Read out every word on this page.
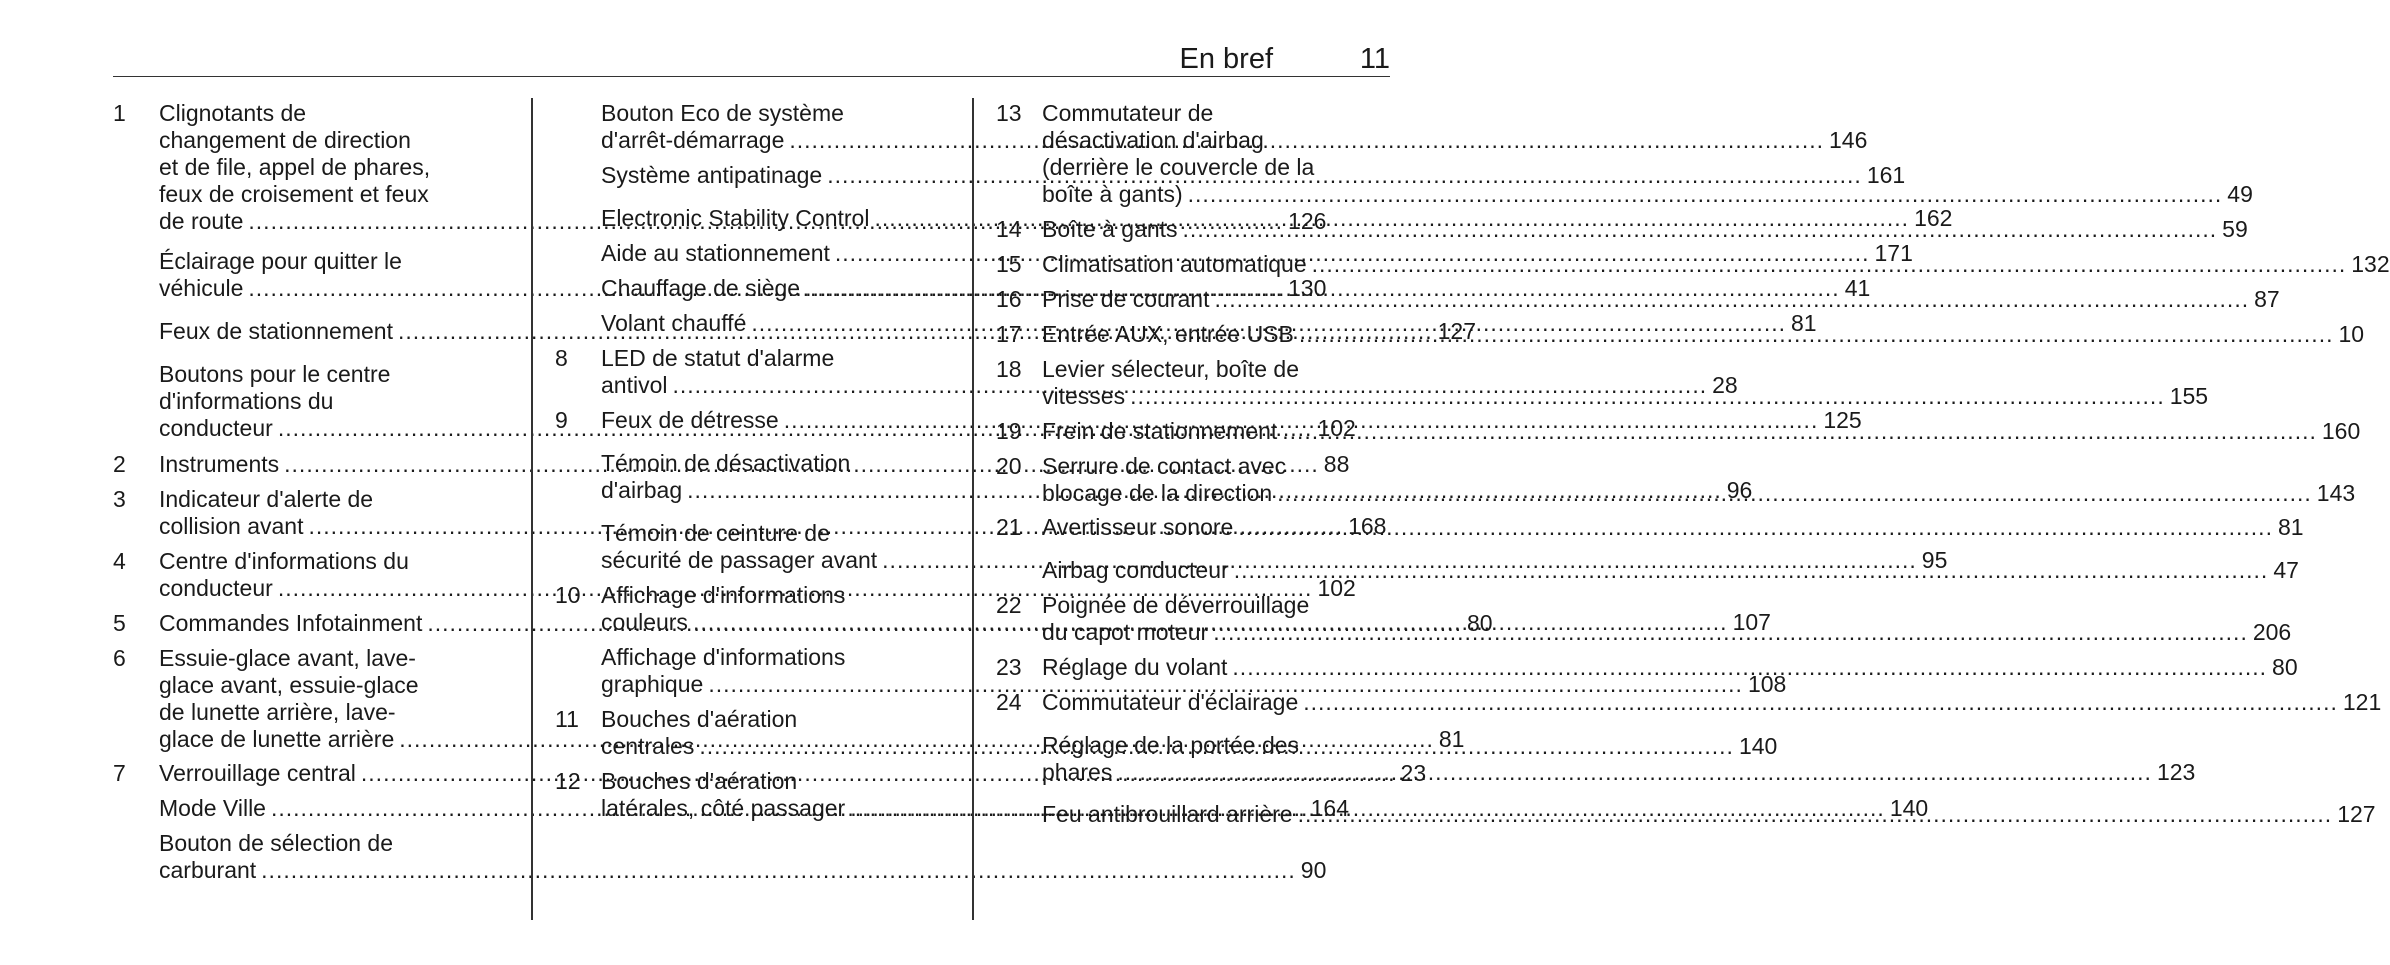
En bref	11
1 Clignotants de
changement de direction
et de file, appel de phares,
feux de croisement et feux
de route .....	126
Éclairage pour quitter le
véhicule .....	130
Feux de stationnement .....	127
Boutons pour le centre
d'informations du
conducteur .....	102
2 Instruments .....	88
3 Indicateur d'alerte de
collision avant .....	168
4 Centre d'informations du
conducteur .....	102
5 Commandes Infotainment .....	80
6 Essuie-glace avant, lave-
glace avant, essuie-glace
de lunette arrière, lave-
glace de lunette arrière .....	81
7 Verrouillage central .....	23
Mode Ville .....	164
Bouton de sélection de
carburant .....	90
Bouton Eco de système
d'arrêt-démarrage .....	146
Système antipatinage .....	161
Electronic Stability Control .....	162
Aide au stationnement .....	171
Chauffage de siège .....	41
Volant chauffé .....	81
8 LED de statut d'alarme
antivol .....	28
9 Feux de détresse .....	125
Témoin de désactivation
d'airbag .....	96
Témoin de ceinture de
sécurité de passager avant .....	95
10 Affichage d'informations
couleurs .....	107
Affichage d'informations
graphique .....	108
11 Bouches d'aération
centrales .....	140
12 Bouches d'aération
latérales, côté passager .....	140
13 Commutateur de
désactivation d'airbag
(derrière le couvercle de la
boîte à gants) .....	49
14 Boîte à gants .....	59
15 Climatisation automatique .....	132
16 Prise de courant .....	87
17 Entrée AUX, entrée USB .....	10
18 Levier sélecteur, boîte de
vitesses .....	155
19 Frein de stationnement .....	160
20 Serrure de contact avec
blocage de la direction .....	143
21 Avertisseur sonore .....	81
Airbag conducteur .....	47
22 Poignée de déverrouillage
du capot moteur .....	206
23 Réglage du volant .....	80
24 Commutateur d'éclairage .....	121
Réglage de la portée des
phares .....	123
Feu antibrouillard arrière .....	127
